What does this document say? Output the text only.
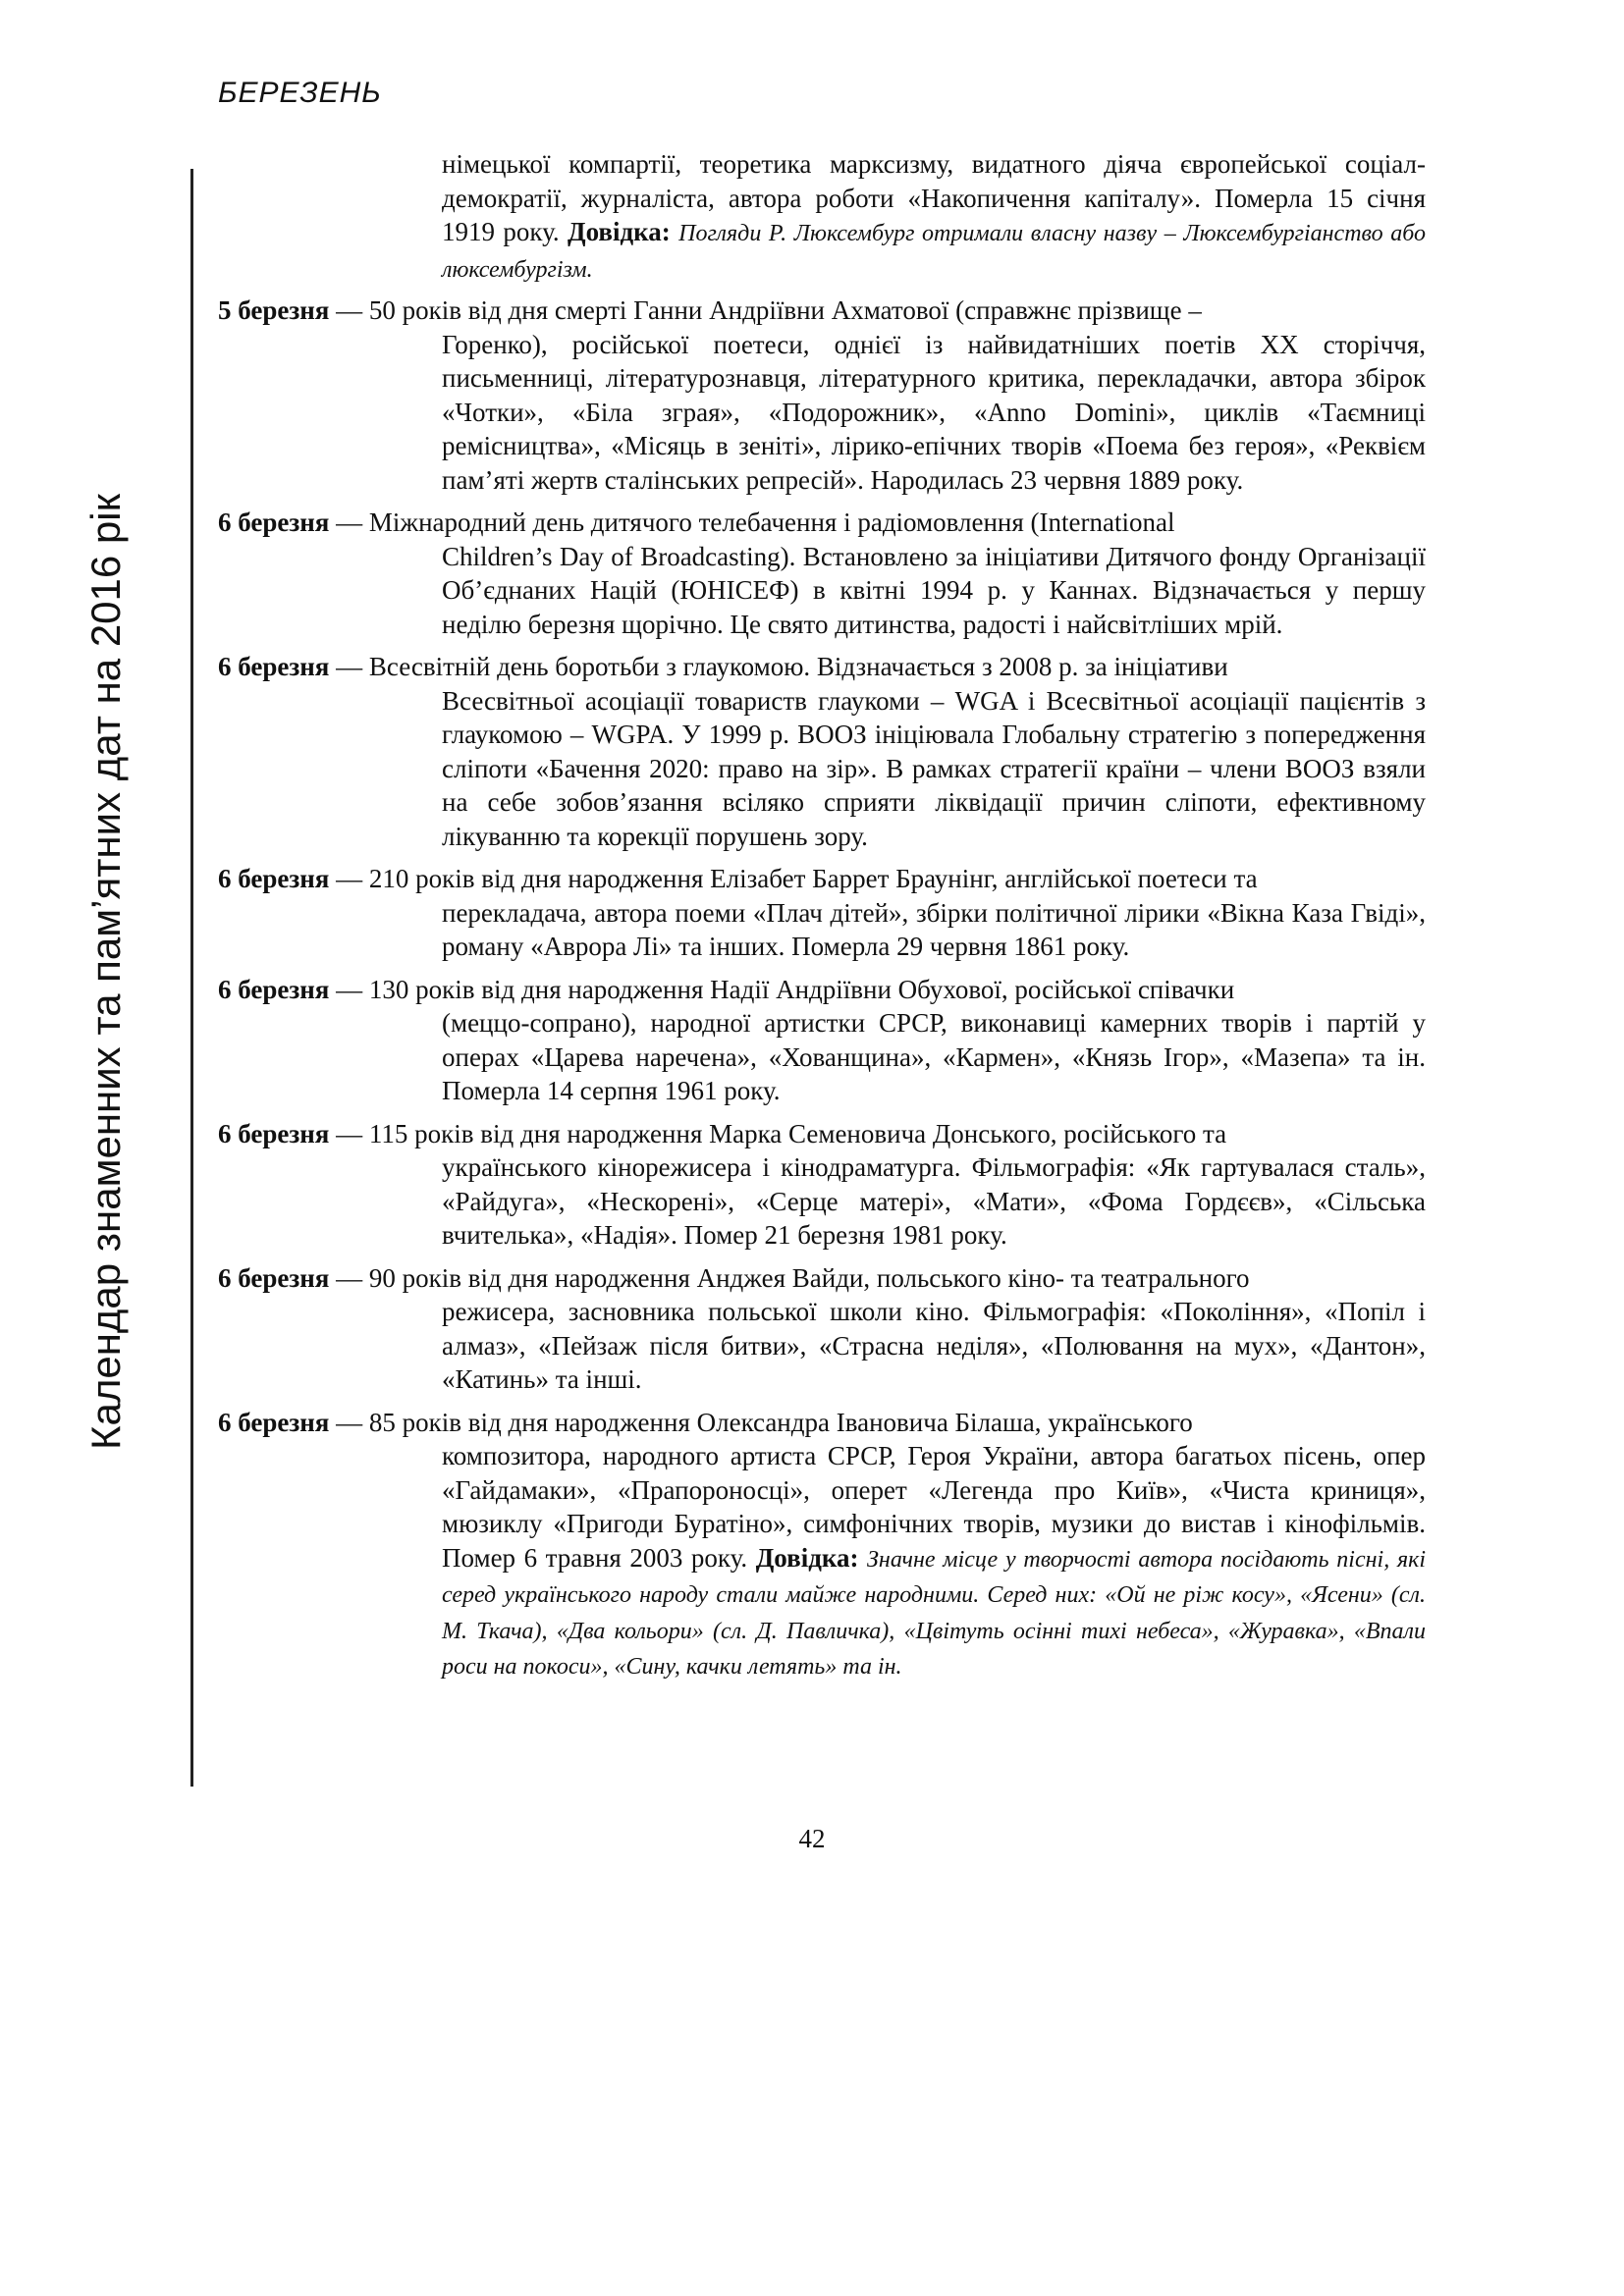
БЕРЕЗЕНЬ
Календар знаменних та пам’ятних дат на 2016 рік
німецької компартії, теоретика марксизму, видатного діяча європейської соціал-демократії, журналіста, автора роботи «Накопичення капіталу». Померла 15 січня 1919 року. Довідка: Погляди Р. Люксембург отримали власну назву – Люксембургіанство або люксембургізм.
5 березня — 50 років від дня смерті Ганни Андріївни Ахматової (справжнє прізвище –
Горенко), російської поетеси, однієї із найвидатніших поетів XX сторіччя, письменниці, літературознавця, літературного критика, перекладачки, автора збірок «Чотки», «Біла зграя», «Подорожник», «Anno Domini», циклів «Таємниці ремісництва», «Місяць в зеніті», лірико-епічних творів «Поема без героя», «Реквієм пам’яті жертв сталінських репресій». Народилась 23 червня 1889 року.
6 березня — Міжнародний день дитячого телебачення і радіомовлення (International
Children’s Day of Broadcasting). Встановлено за ініціативи Дитячого фонду Організації Об’єднаних Націй (ЮНІСЕФ) в квітні 1994 р. у Каннах. Відзначається у першу неділю березня щорічно. Це свято дитинства, радості і найсвітліших мрій.
6 березня — Всесвітній день боротьби з глаукомою. Відзначається з 2008 р. за ініціативи
Всесвітньої асоціації товариств глаукоми – WGA і Всесвітньої асоціації пацієнтів з глаукомою – WGPA. У 1999 р. ВООЗ ініціювала Глобальну стратегію з попередження сліпоти «Бачення 2020: право на зір». В рамках стратегії країни – члени ВООЗ взяли на себе зобов’язання всіляко сприяти ліквідації причин сліпоти, ефективному лікуванню та корекції порушень зору.
6 березня — 210 років від дня народження Елізабет Баррет Браунінг, англійської поетеси та
перекладача, автора поеми «Плач дітей», збірки політичної лірики «Вікна Каза Гвіді», роману «Аврора Лі» та інших. Померла 29 червня 1861 року.
6 березня — 130 років від дня народження Надії Андріївни Обухової, російської співачки
(меццо-сопрано), народної артистки СРСР, виконавиці камерних творів і партій у операх «Царева наречена», «Хованщина», «Кармен», «Князь Ігор», «Мазепа» та ін. Померла 14 серпня 1961 року.
6 березня — 115 років від дня народження Марка Семеновича Донського, російського та
українського кінорежисера і кінодраматурга. Фільмографія: «Як гартувалася сталь», «Райдуга», «Нескорені», «Серце матері», «Мати», «Фома Гордєєв», «Сільська вчителька», «Надія». Помер 21 березня 1981 року.
6 березня — 90 років від дня народження Анджея Вайди, польського кіно- та театрального
режисера, засновника польської школи кіно. Фільмографія: «Покоління», «Попіл і алмаз», «Пейзаж після битви», «Страсна неділя», «Полювання на мух», «Дантон», «Катинь» та інші.
6 березня — 85 років від дня народження Олександра Івановича Білаша, українського
композитора, народного артиста СРСР, Героя України, автора багатьох пісень, опер «Гайдамаки», «Прапороносці», оперет «Легенда про Київ», «Чиста криниця», мюзиклу «Пригоди Буратіно», симфонічних творів, музики до вистав і кінофільмів. Помер 6 травня 2003 року. Довідка: Значне місце у творчості автора посідають пісні, які серед українського народу стали майже народними. Серед них: «Ой не ріж косу», «Ясени» (сл. М. Ткача), «Два кольори» (сл. Д. Павличка), «Цвітуть осінні тихі небеса», «Журавка», «Впали роси на покоси», «Сину, качки летять» та ін.
42
